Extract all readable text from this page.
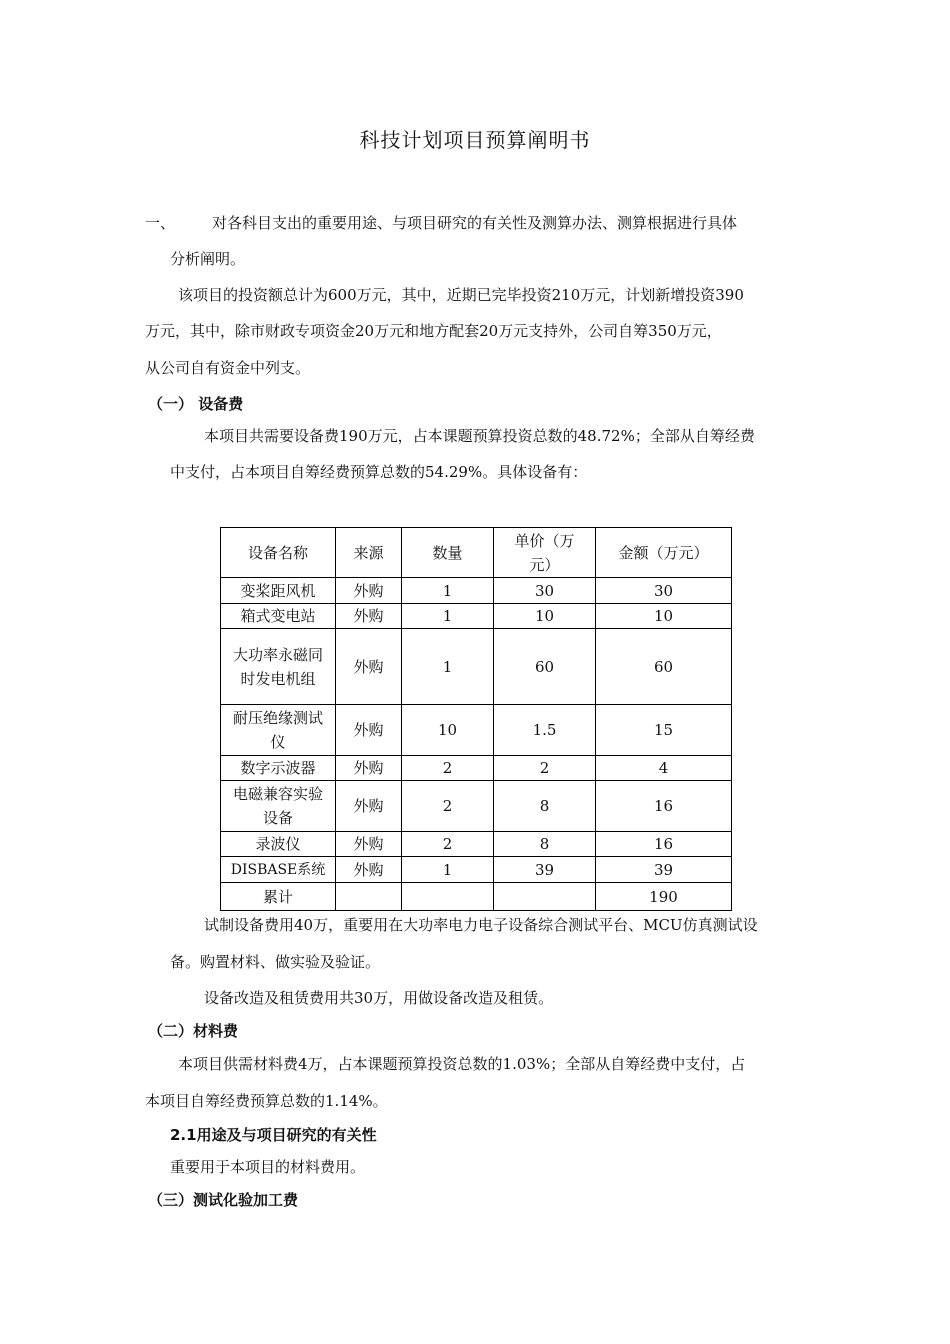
科技计划项目预算阐明书
一、 对各科目支出的重要用途、与项目研究的有关性及测算办法、测算根据进行具体
分析阐明。
该项目的投资额总计为600万元，其中，近期已完毕投资210万元，计划新增投资390
万元，其中，除市财政专项资金20万元和地方配套20万元支持外，公司自筹350万元，
从公司自有资金中列支。
（一） 设备费
本项目共需要设备费190万元，占本课题预算投资总数的48.72%；全部从自筹经费
中支付，占本项目自筹经费预算总数的54.29%。具体设备有：
设备名称	来源	数量	单价（万元）	金额（万元）
变桨距风机	外购	1	30	30
箱式变电站	外购	1	10	10
大功率永磁同时发电机组	外购	1	60	60
耐压绝缘测试仪	外购	10	1.5	15
数字示波器	外购	2	2	4
电磁兼容实验设备	外购	2	8	16
录波仪	外购	2	8	16
DISBASE系统	外购	1	39	39
累计				190
试制设备费用40万，重要用在大功率电力电子设备综合测试平台、MCU仿真测试设
备。购置材料、做实验及验证。
设备改造及租赁费用共30万，用做设备改造及租赁。
（二）材料费
本项目供需材料费4万，占本课题预算投资总数的1.03%；全部从自筹经费中支付，占
本项目自筹经费预算总数的1.14%。
2.1用途及与项目研究的有关性
重要用于本项目的材料费用。
（三）测试化验加工费
